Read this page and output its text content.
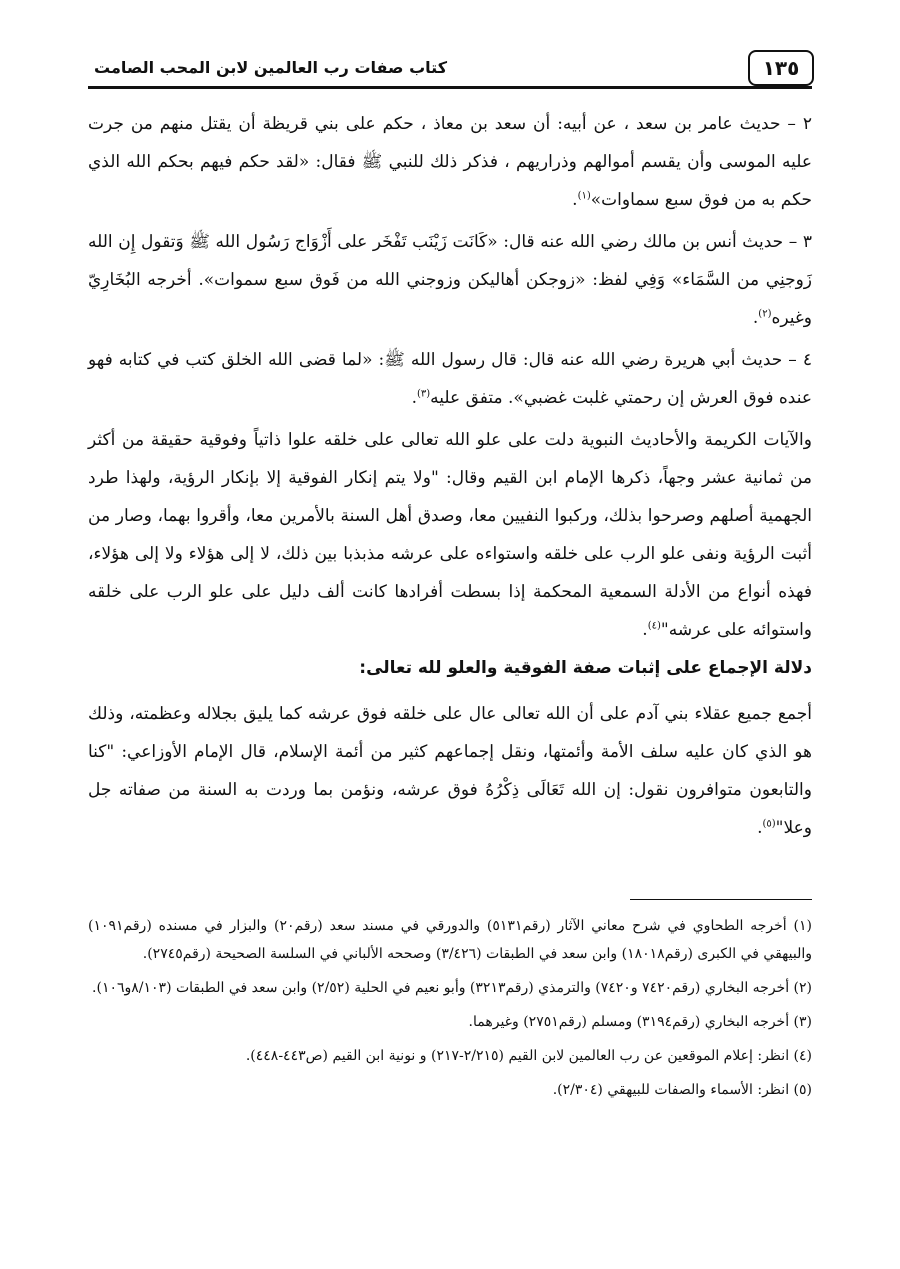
١٣٥
كتاب صفات رب العالمين لابن المحب الصامت

٢ – حديث عامر بن سعد ، عن أبيه: أن سعد بن معاذ ، حكم على بني قريظة أن يقتل منهم من جرت عليه الموسى وأن يقسم أموالهم وذراريهم ، فذكر ذلك للنبي ﷺ فقال: «لقد حكم فيهم بحكم الله الذي حكم به من فوق سبع سماوات»$^{(١)}$.

٣ – حديث أنس بن مالك رضي الله عنه قال: «كَانَت زَيْنَب تَفْخَر على أَزْوَاج رَسُول الله ﷺ وَتقول إِن الله زَوجنِي من السَّمَاء» وَفِي لفظ: «زوجكن أهاليكن وزوجني الله من فَوق سبع سموات». أخرجه البُخَارِيّ وغيره$^{(٢)}$.

٤ – حديث أبي هريرة رضي الله عنه قال: قال رسول الله ﷺ: «لما قضى الله الخلق كتب في كتابه فهو عنده فوق العرش إن رحمتي غلبت غضبي». متفق عليه$^{(٣)}$.

والآيات الكريمة والأحاديث النبوية دلت على علو الله تعالى على خلقه علوا ذاتياً وفوقية حقيقة من أكثر من ثمانية عشر وجهاً، ذكرها الإمام ابن القيم وقال: "ولا يتم إنكار الفوقية إلا بإنكار الرؤية، ولهذا طرد الجهمية أصلهم وصرحوا بذلك، وركبوا النفيين معا، وصدق أهل السنة بالأمرين معا، وأقروا بهما، وصار من أثبت الرؤية ونفى علو الرب على خلقه واستواءه على عرشه مذبذبا بين ذلك، لا إلى هؤلاء ولا إلى هؤلاء، فهذه أنواع من الأدلة السمعية المحكمة إذا بسطت أفرادها كانت ألف دليل على علو الرب على خلقه واستوائه على عرشه"$^{(٤)}$.

دلالة الإجماع على إثبات صفة الفوقية والعلو لله تعالى:

أجمع جميع عقلاء بني آدم على أن الله تعالى عال على خلقه فوق عرشه كما يليق بجلاله وعظمته، وذلك هو الذي كان عليه سلف الأمة وأئمتها، ونقل إجماعهم كثير من أئمة الإسلام، قال الإمام الأوزاعي: "كنا والتابعون متوافرون نقول: إن الله تَعَالَى ذِكْرُهُ فوق عرشه، ونؤمن بما وردت به السنة من صفاته جل وعلا"$^{(٥)}$.

(١) أخرجه الطحاوي في شرح معاني الآثار (رقم٥١٣١) والدورقي في مسند سعد (رقم٢٠) والبزار في مسنده (رقم١٠٩١) والبيهقي في الكبرى (رقم١٨٠١٨) وابن سعد في الطبقات (٣/٤٢٦) وصححه الألباني في السلسة الصحيحة (رقم٢٧٤٥).

(٢) أخرجه البخاري (رقم٧٤٢٠ و٧٤٢٠) والترمذي (رقم٣٢١٣) وأبو نعيم في الحلية (٢/٥٢) وابن سعد في الطبقات (٨/١٠٣و١٠٦).

(٣) أخرجه البخاري (رقم٣١٩٤) ومسلم (رقم٢٧٥١) وغيرهما.

(٤) انظر: إعلام الموقعين عن رب العالمين لابن القيم (٢/٢١٥-٢١٧) و نونية ابن القيم (ص٤٤٣-٤٤٨).

(٥) انظر: الأسماء والصفات للبيهقي (٢/٣٠٤).
